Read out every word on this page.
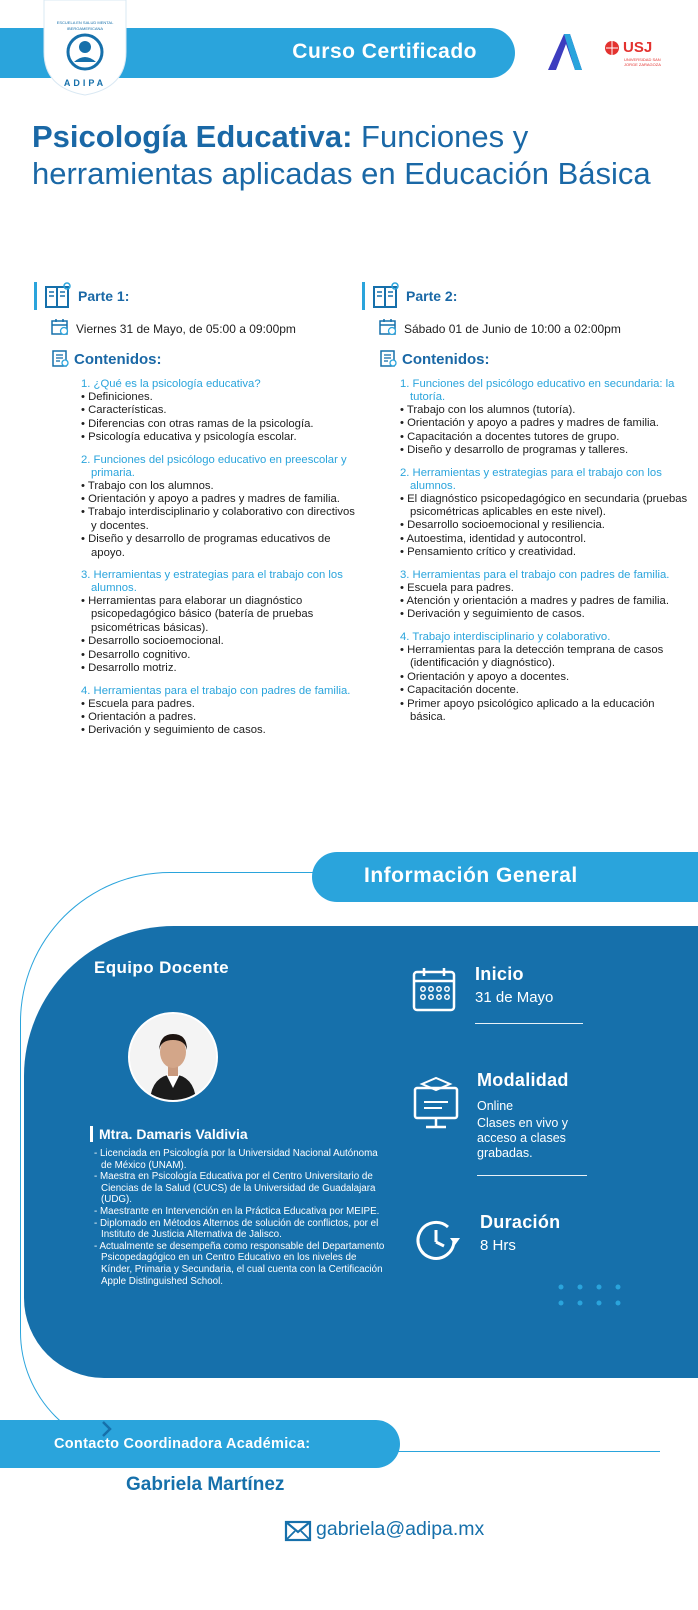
Curso Certificado
ESCUELA EN SALUD MENTAL
IBEROAMERICANA
ADIPA
USJ
UNIVERSIDAD SAN JORGE ZARAGOZA
Psicología Educativa: Funciones y herramientas aplicadas en Educación Básica
Parte 1:
Viernes 31 de Mayo, de 05:00 a 09:00pm
Contenidos:
1. ¿Qué es la psicología educativa?
• Definiciones.
• Características.
• Diferencias con otras ramas de la psicología.
• Psicología educativa y psicología escolar.
2. Funciones del psicólogo educativo en preescolar y primaria.
• Trabajo con los alumnos.
• Orientación y apoyo a padres y madres de familia.
• Trabajo interdisciplinario y colaborativo con directivos y docentes.
• Diseño y desarrollo de programas educativos de apoyo.
3. Herramientas y estrategias para el trabajo con los alumnos.
• Herramientas para elaborar un diagnóstico psicopedagógico básico (batería de pruebas psicométricas básicas).
• Desarrollo socioemocional.
• Desarrollo cognitivo.
• Desarrollo motriz.
4. Herramientas para el trabajo con padres de familia.
• Escuela para padres.
• Orientación a padres.
• Derivación y seguimiento de casos.
Parte 2:
Sábado 01 de Junio de 10:00 a 02:00pm
Contenidos:
1. Funciones del psicólogo educativo en secundaria: la tutoría.
• Trabajo con los alumnos (tutoría).
• Orientación y apoyo a padres y madres de familia.
• Capacitación a docentes tutores de grupo.
• Diseño y desarrollo de programas y talleres.
2. Herramientas y estrategias para el trabajo con los alumnos.
• El diagnóstico psicopedagógico en secundaria (pruebas psicométricas aplicables en este nivel).
• Desarrollo socioemocional y resiliencia.
• Autoestima, identidad y autocontrol.
• Pensamiento crítico y creatividad.
3. Herramientas para el trabajo con padres de familia.
• Escuela para padres.
• Atención y orientación a madres y padres de familia.
• Derivación y seguimiento de casos.
4. Trabajo interdisciplinario y colaborativo.
• Herramientas para la detección temprana de casos (identificación y diagnóstico).
• Orientación y apoyo a docentes.
• Capacitación docente.
• Primer apoyo psicológico aplicado a la educación básica.
Información General
Equipo Docente
Mtra. Damaris Valdivia
- Licenciada en Psicología por la Universidad Nacional Autónoma de México (UNAM).
- Maestra en Psicología Educativa por el Centro Universitario de Ciencias de la Salud (CUCS) de la Universidad de Guadalajara (UDG).
- Maestrante en Intervención en la Práctica Educativa por MEIPE.
- Diplomado en Métodos Alternos de solución de conflictos, por el Instituto de Justicia Alternativa de Jalisco.
- Actualmente se desempeña como responsable del Departamento Psicopedagógico en un Centro Educativo en los niveles de Kínder, Primaria y Secundaria, el cual cuenta con la Certificación Apple Distinguished School.
Inicio
31 de Mayo
Modalidad
Online
Clases en vivo y acceso a clases grabadas.
Duración
8 Hrs
Contacto Coordinadora Académica:
Gabriela Martínez
gabriela@adipa.mx
